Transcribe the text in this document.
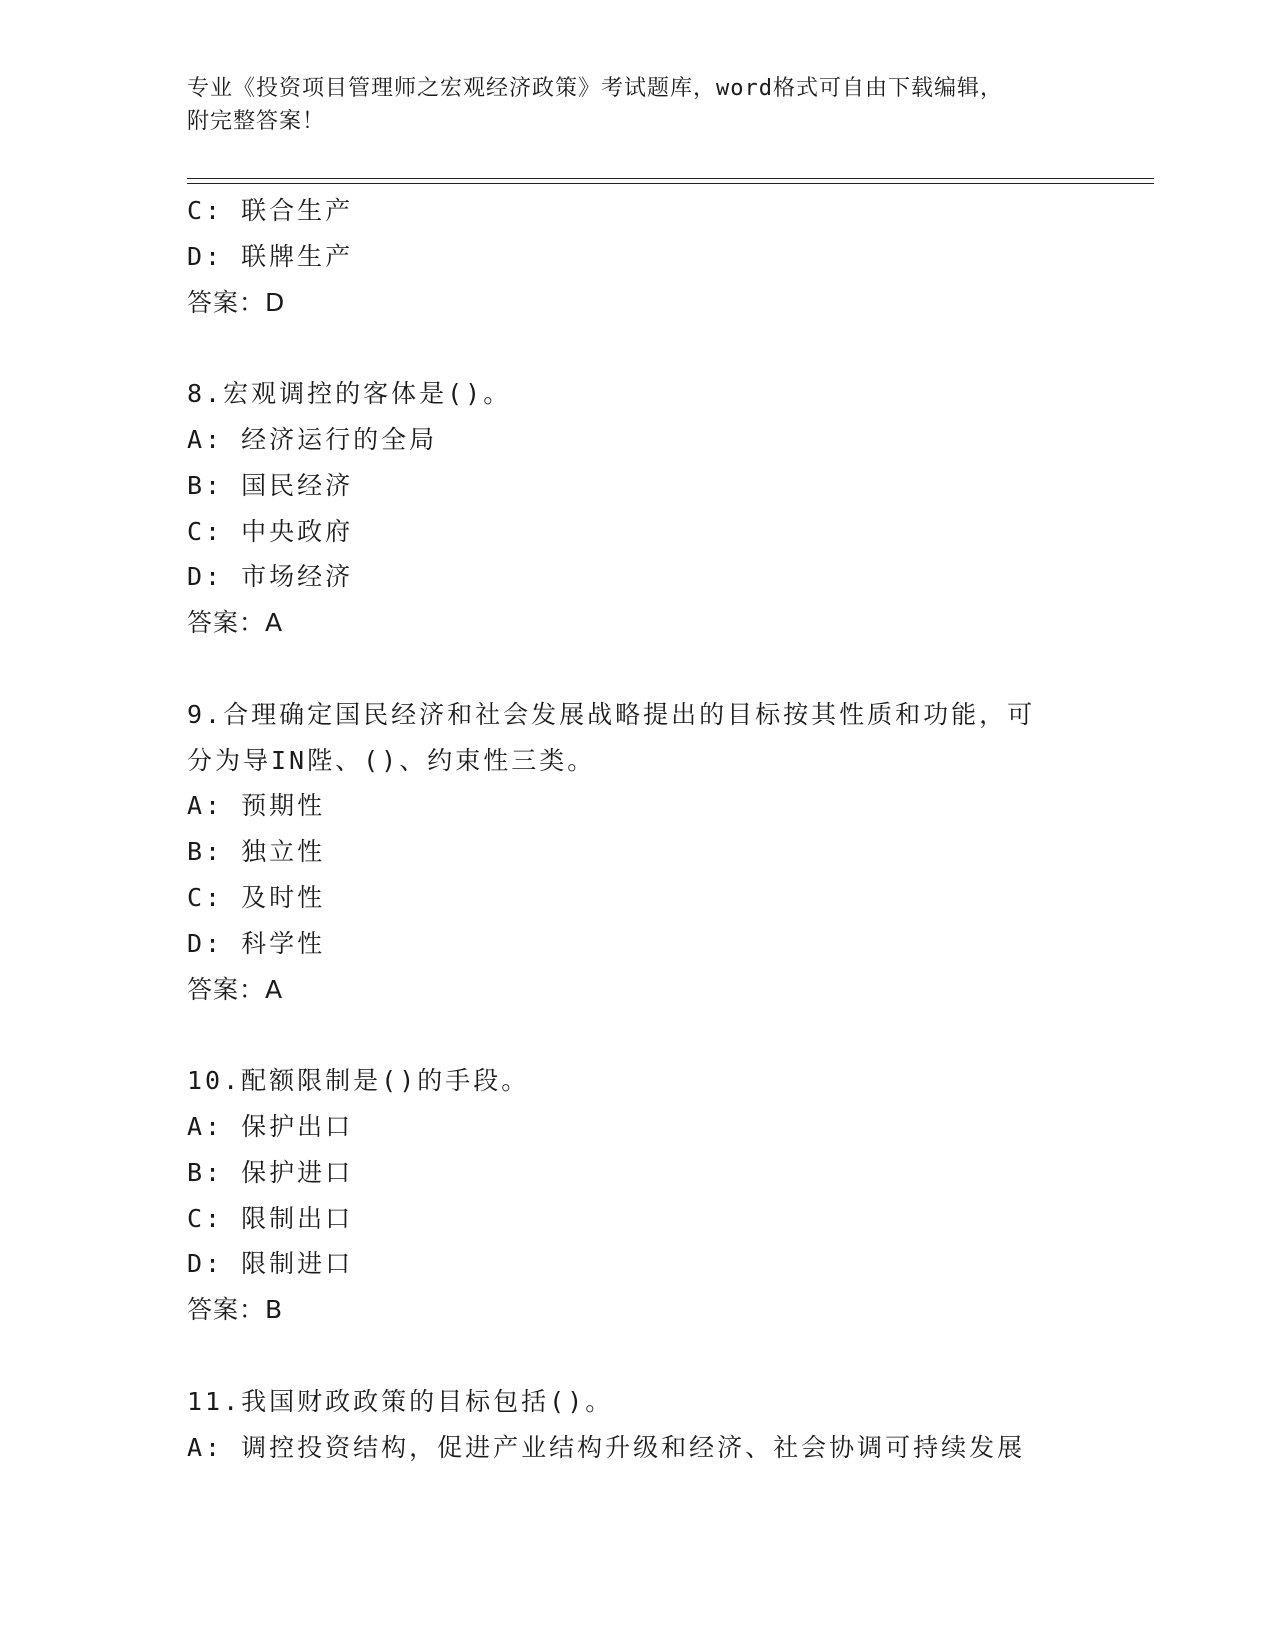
专业《投资项目管理师之宏观经济政策》考试题库，word格式可自由下载编辑，
附完整答案！
C: 联合生产
D: 联牌生产
答案：D
8.宏观调控的客体是()。
A: 经济运行的全局
B: 国民经济
C: 中央政府
D: 市场经济
答案：A
9.合理确定国民经济和社会发展战略提出的目标按其性质和功能，可
分为导IN陛、()、约束性三类。
A: 预期性
B: 独立性
C: 及时性
D: 科学性
答案：A
10.配额限制是()的手段。
A: 保护出口
B: 保护进口
C: 限制出口
D: 限制进口
答案：B
11.我国财政政策的目标包括()。
A: 调控投资结构，促进产业结构升级和经济、社会协调可持续发展
